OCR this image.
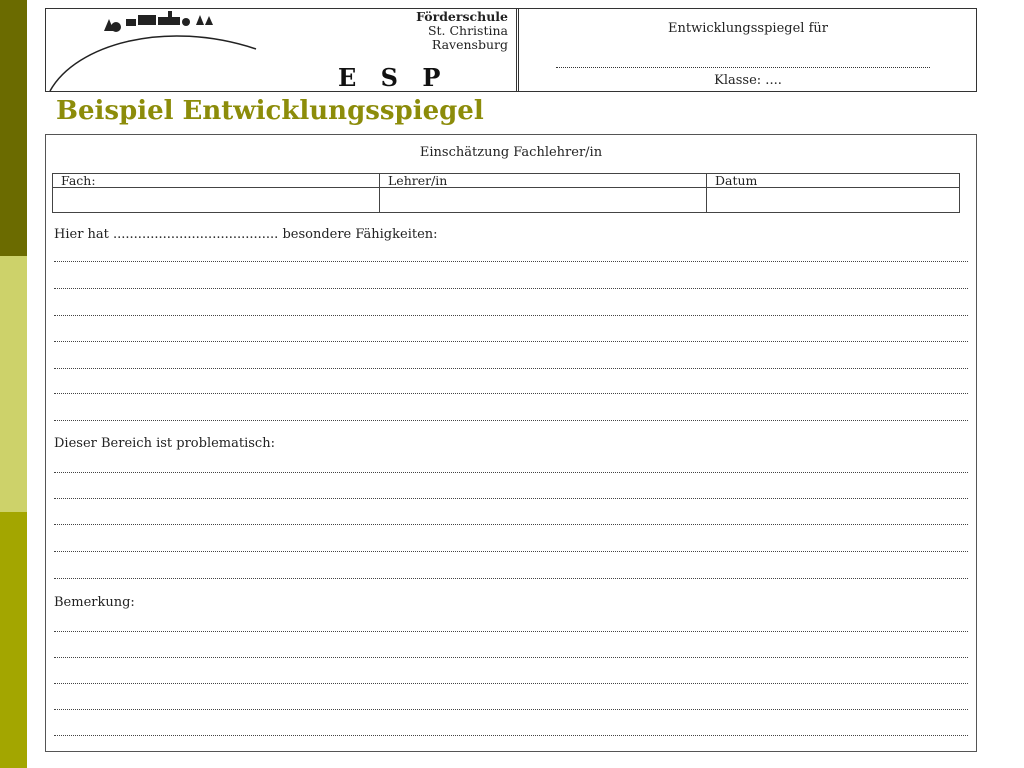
Förderschule
St. Christina
Ravensburg
E S P
Entwicklungsspiegel für
Klasse: ....
Beispiel Entwicklungsspiegel
Einschätzung Fachlehrer/in
Fach:	Lehrer/in	Datum

Hier hat ........................................ besondere Fähigkeiten:
Dieser Bereich ist problematisch:
Bemerkung:
